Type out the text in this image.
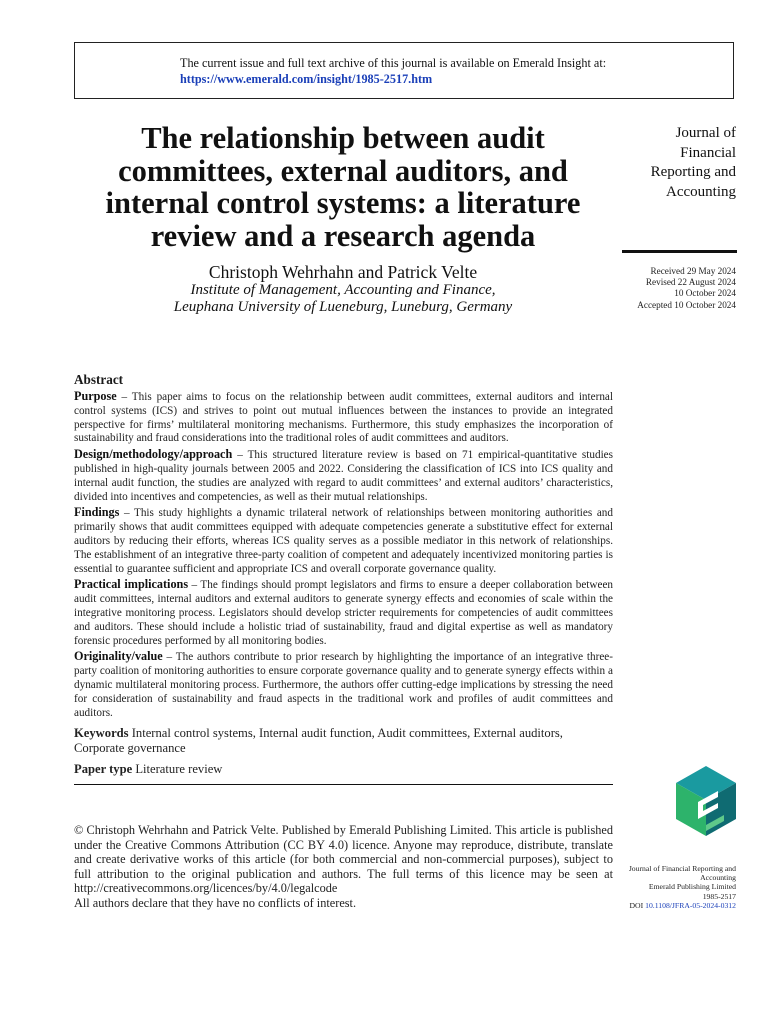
The current issue and full text archive of this journal is available on Emerald Insight at:
https://www.emerald.com/insight/1985-2517.htm
The relationship between audit
committees, external auditors, and
internal control systems: a literature
review and a research agenda
Christoph Wehrhahn and Patrick Velte
Institute of Management, Accounting and Finance,
Leuphana University of Lueneburg, Luneburg, Germany
Journal of
Financial
Reporting and
Accounting
Received 29 May 2024
Revised 22 August 2024
10 October 2024
Accepted 10 October 2024
Abstract

Purpose – This paper aims to focus on the relationship between audit committees, external auditors and internal control systems (ICS) and strives to point out mutual influences between the instances to provide an integrated perspective for firms’ multilateral monitoring mechanisms. Furthermore, this study emphasizes the incorporation of sustainability and fraud considerations into the traditional roles of audit committees and auditors.

Design/methodology/approach – This structured literature review is based on 71 empirical-quantitative studies published in high-quality journals between 2005 and 2022. Considering the classification of ICS into ICS quality and internal audit function, the studies are analyzed with regard to audit committees’ and external auditors’ characteristics, divided into incentives and competencies, as well as their mutual relationships.

Findings – This study highlights a dynamic trilateral network of relationships between monitoring authorities and primarily shows that audit committees equipped with adequate competencies generate a substitutive effect for external auditors by reducing their efforts, whereas ICS quality serves as a possible mediator in this network of relationships. The establishment of an integrative three-party coalition of competent and adequately incentivized monitoring parties is essential to guarantee sufficient and appropriate ICS and overall corporate governance quality.

Practical implications – The findings should prompt legislators and firms to ensure a deeper collaboration between audit committees, internal auditors and external auditors to generate synergy effects and economies of scale within the integrative monitoring process. Legislators should develop stricter requirements for competencies of audit committees and auditors. These should include a holistic triad of sustainability, fraud and digital expertise as well as mandatory forensic procedures performed by all monitoring bodies.

Originality/value – The authors contribute to prior research by highlighting the importance of an integrative three-party coalition of monitoring authorities to ensure corporate governance quality and to generate synergy effects within a dynamic multilateral monitoring process. Furthermore, the authors offer cutting-edge implications by stressing the need for consideration of sustainability and fraud aspects in the traditional work and profiles of audit committees and auditors.

Keywords Internal control systems, Internal audit function, Audit committees, External auditors, Corporate governance
Paper type Literature review

© Christoph Wehrhahn and Patrick Velte. Published by Emerald Publishing Limited. This article is published under the Creative Commons Attribution (CC BY 4.0) licence. Anyone may reproduce, distribute, translate and create derivative works of this article (for both commercial and non-commercial purposes), subject to full attribution to the original publication and authors. The full terms of this licence may be seen at http://creativecommons.org/licences/by/4.0/legalcode

All authors declare that they have no conflicts of interest.

Journal of Financial Reporting and
Accounting
Emerald Publishing Limited
1985-2517
DOI 10.1108/JFRA-05-2024-0312
